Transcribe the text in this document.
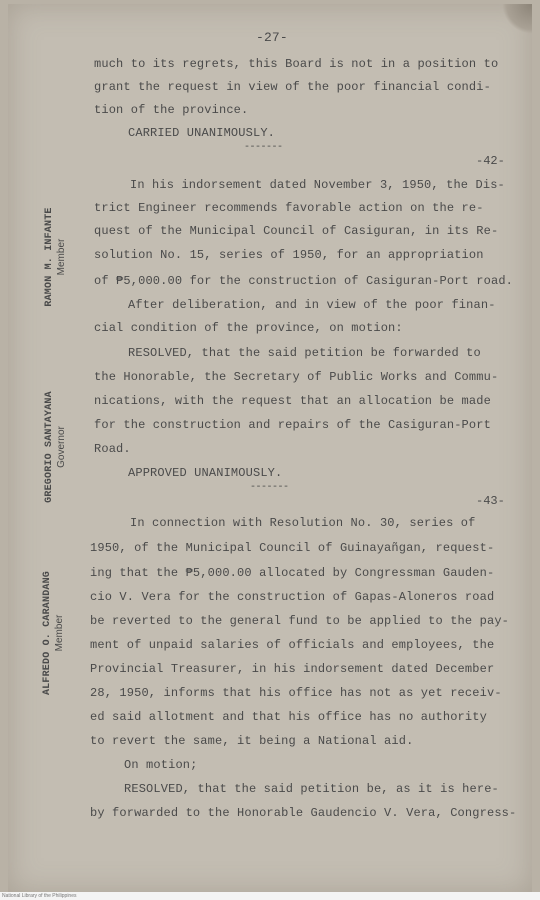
-27-
much to its regrets, this Board is not in a position to
grant the request in view of the poor financial condi-
tion of the province.
CARRIED UNANIMOUSLY.
-------
-42-
In his indorsement dated November 3, 1950, the Dis-
trict Engineer recommends favorable action on the re-
quest of the Municipal Council of Casiguran, in its Re-
solution No. 15, series of 1950, for an appropriation
of ₱5,000.00 for the construction of Casiguran-Port road.
After deliberation, and in view of the poor finan-
cial condition of the province, on motion:
RESOLVED, that the said petition be forwarded to
the Honorable, the Secretary of Public Works and Commu-
nications, with the request that an allocation be made
for the construction and repairs of the Casiguran-Port
Road.
APPROVED UNANIMOUSLY.
-------
-43-
In connection with Resolution No. 30, series of
1950, of the Municipal Council of Guinayañgan, request-
ing that the ₱5,000.00 allocated by Congressman Gauden-
cio V. Vera for the construction of Gapas-Aloneros road
be reverted to the general fund to be applied to the pay-
ment of unpaid salaries of officials and employees, the
Provincial Treasurer, in his indorsement dated December
28, 1950, informs that his office has not as yet receiv-
ed said allotment and that his office has no authority
to revert the same, it being a National aid.
On motion;
RESOLVED, that the said petition be, as it is here-
by forwarded to the Honorable Gaudencio V. Vera, Congress-
RAMON M. INFANTE Member
GREGORIO SANTAYANA Governor
ALFREDO O. CARANDANG Member
National Library of the Philippines
